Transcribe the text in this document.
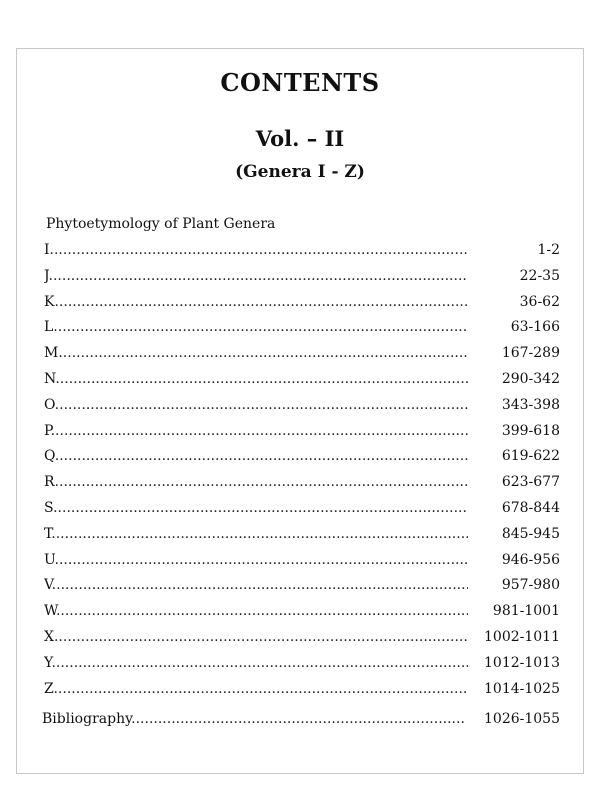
CONTENTS
Vol. – II
(Genera I - Z)
Phytoetymology of Plant Genera
I .....	1-2
J .....	22-35
K .....	36-62
L .....	63-166
M .....	167-289
N .....	290-342
O .....	343-398
P .....	399-618
Q .....	619-622
R .....	623-677
S .....	678-844
T .....	845-945
U .....	946-956
V .....	957-980
W .....	981-1001
X .....	1002-1011
Y .....	1012-1013
Z .....	1014-1025
Bibliography .....	1026-1055
